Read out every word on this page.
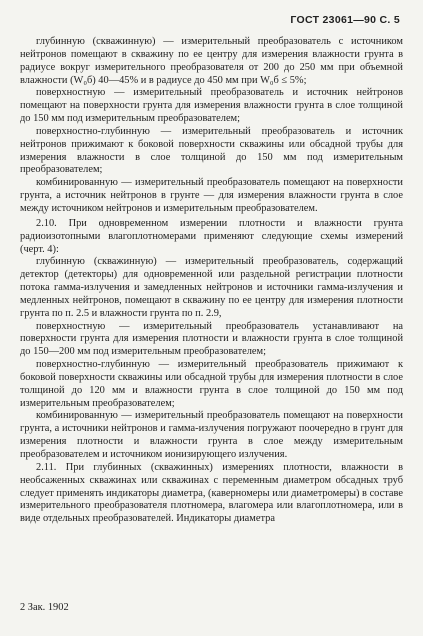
ГОСТ 23061—90 С. 5

глубинную (скважинную) — измерительный преобразователь с источником нейтронов помещают в скважину по ее центру для измерения влажности грунта в радиусе вокруг измерительного преобразователя от 200 до 250 мм при объемной влажности (W₀б) 40—45% и в радиусе до 450 мм при W₀б ≤ 5%;

поверхностную — измерительный преобразователь и источник нейтронов помещают на поверхности грунта для измерения влажности грунта в слое толщиной до 150 мм под измерительным преобразователем;

поверхностно-глубинную — измерительный преобразователь и источник нейтронов прижимают к боковой поверхности скважины или обсадной трубы для измерения влажности в слое толщиной до 150 мм под измерительным преобразователем;

комбинированную — измерительный преобразователь помещают на поверхности грунта, а источник нейтронов в грунте — для измерения влажности грунта в слое между источником нейтронов и измерительным преобразователем.

2.10. При одновременном измерении плотности и влажности грунта радиоизотопными влагоплотномерами применяют следующие схемы измерений (черт. 4):

глубинную (скважинную) — измерительный преобразователь, содержащий детектор (детекторы) для одновременной или раздельной регистрации плотности потока гамма-излучения и замедленных нейтронов и источники гамма-излучения и медленных нейтронов, помещают в скважину по ее центру для измерения плотности грунта по п. 2.5 и влажности грунта по п. 2.9,

поверхностную — измерительный преобразователь устанавливают на поверхности грунта для измерения плотности и влажности грунта в слое толщиной до 150—200 мм под измерительным преобразователем;

поверхностно-глубинную — измерительный преобразователь прижимают к боковой поверхности скважины или обсадной трубы для измерения плотности в слое толщиной до 120 мм и влажности грунта в слое толщиной до 150 мм под измерительным преобразователем;

комбинированную — измерительный преобразователь помещают на поверхности грунта, а источники нейтронов и гамма-излучения погружают поочередно в грунт для измерения плотности и влажности грунта в слое между измерительным преобразователем и источником ионизирующего излучения.

2.11. При глубинных (скважинных) измерениях плотности, влажности в необсаженных скважинах или скважинах с переменным диаметром обсадных труб следует применять индикаторы диаметра, (каверномеры или диаметромеры) в составе измерительного преобразователя плотномера, влагомера или влагоплотномера, или в виде отдельных преобразователей. Индикаторы диаметра

2 Зак. 1902
